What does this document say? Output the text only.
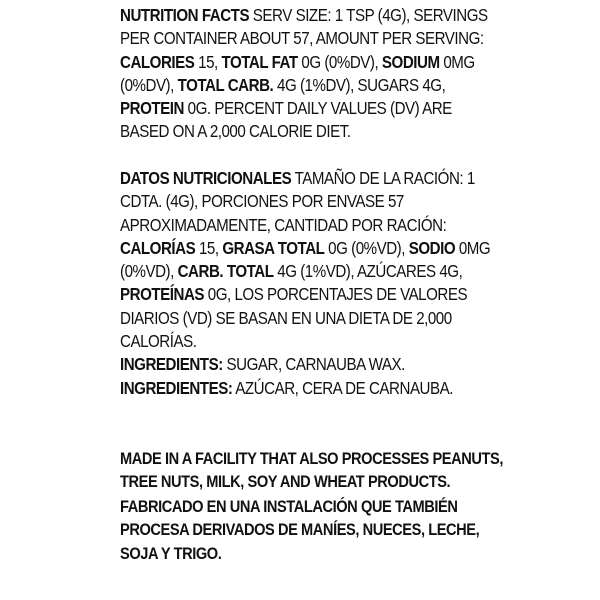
NUTRITION FACTS SERV SIZE: 1 TSP (4G), SERVINGS PER CONTAINER ABOUT 57, AMOUNT PER SERVING: CALORIES 15, TOTAL FAT 0G (0%DV), SODIUM 0MG (0%DV), TOTAL CARB. 4G (1%DV), SUGARS 4G, PROTEIN 0G. PERCENT DAILY VALUES (DV) ARE BASED ON A 2,000 CALORIE DIET.
DATOS NUTRICIONALES TAMAÑO DE LA RACIÓN: 1 CDTA. (4G), PORCIONES POR ENVASE 57 APROXIMADAMENTE, CANTIDAD POR RACIÓN: CALORÍAS 15, GRASA TOTAL 0G (0%VD), SODIO 0MG (0%VD), CARB. TOTAL 4G (1%VD), AZÚCARES 4G, PROTEÍNAS 0G, LOS PORCENTAJES DE VALORES DIARIOS (VD) SE BASAN EN UNA DIETA DE 2,000 CALORÍAS.
INGREDIENTS: SUGAR, CARNAUBA WAX.
INGREDIENTES: AZÚCAR, CERA DE CARNAUBA.
MADE IN A FACILITY THAT ALSO PROCESSES PEANUTS, TREE NUTS, MILK, SOY AND WHEAT PRODUCTS.
FABRICADO EN UNA INSTALACIÓN QUE TAMBIÉN PROCESA DERIVADOS DE MANÍES, NUECES, LECHE, SOJA Y TRIGO.
